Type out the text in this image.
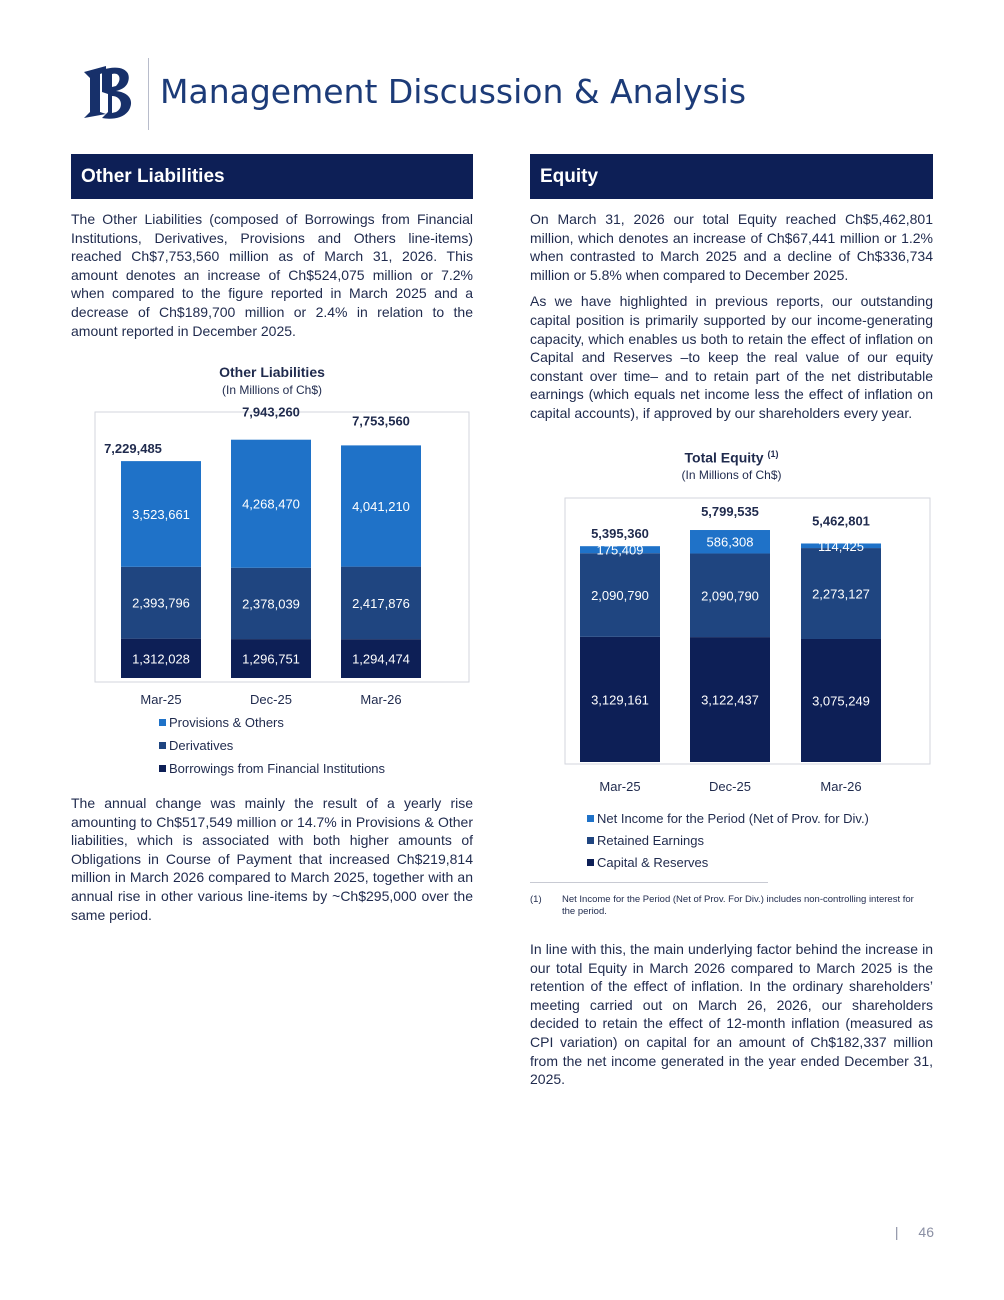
Management Discussion & Analysis
Other Liabilities
The Other Liabilities (composed of Borrowings from Financial Institutions, Derivatives, Provisions and Others line-items) reached Ch$7,753,560 million as of March 31, 2026. This amount denotes an increase of Ch$524,075 million or 7.2% when compared to the figure reported in March 2025 and a decrease of Ch$189,700 million or 2.4% in relation to the amount reported in December 2025.
Other Liabilities
(In Millions of Ch$)
1,312,028
2,393,796
3,523,661
7,229,485
Mar-25
1,296,751
2,378,039
4,268,470
7,943,260
Dec-25
1,294,474
2,417,876
4,041,210
7,753,560
Mar-26
Provisions & Others
Derivatives
Borrowings from Financial Institutions
The annual change was mainly the result of a yearly rise amounting to Ch$517,549 million or 14.7% in Provisions & Other liabilities, which is associated with both higher amounts of Obligations in Course of Payment that increased Ch$219,814 million in March 2026 compared to March 2025, together with an annual rise in other various line-items by ~Ch$295,000 over the same period.
Equity

On March 31, 2026 our total Equity reached Ch$5,462,801 million, which denotes an increase of Ch$67,441 million or 1.2% when contrasted to March 2025 and a decline of Ch$336,734 million or 5.8% when compared to December 2025.

As we have highlighted in previous reports, our outstanding capital position is primarily supported by our income-generating capacity, which enables us both to retain the effect of inflation on Capital and Reserves –to keep the real value of our equity constant over time– and to retain part of the net distributable earnings (which equals net income less the effect of inflation on capital accounts), if approved by our shareholders every year.

Total Equity $^{(1)}$
(In Millions of Ch$)
3,129,161
2,090,790
175,409
5,395,360
Mar-25
3,122,437
2,090,790
586,308
5,799,535
Dec-25
3,075,249
2,273,127
114,425
5,462,801
Mar-26
Net Income for the Period (Net of Prov. for Div.)
Retained Earnings
Capital & Reserves
(1) Net Income for the Period (Net of Prov. For Div.) includes non-controlling interest for the period.
In line with this, the main underlying factor behind the increase in our total Equity in March 2026 compared to March 2025 is the retention of the effect of inflation. In the ordinary shareholders’ meeting carried out on March 26, 2026, our shareholders decided to retain the effect of 12-month inflation (measured as CPI variation) on capital for an amount of Ch$182,337 million from the net income generated in the year ended December 31, 2025.
| 46
